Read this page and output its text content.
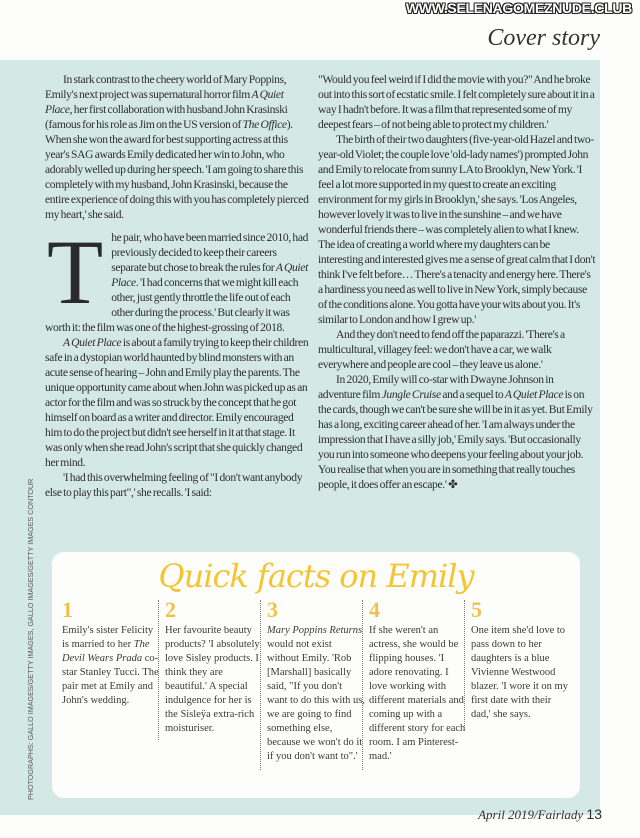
WWW.SELENAGOMEZNUDE.CLUB
Cover story

In stark contrast to the cheery world of Mary Poppins, Emily's next project was supernatural horror film A Quiet Place, her first collaboration with husband John Krasinski (famous for his role as Jim on the US version of The Office). When she won the award for best supporting actress at this year's SAG awards Emily dedicated her win to John, who adorably welled up during her speech. 'I am going to share this completely with my husband, John Krasinski, because the entire experience of doing this with you has completely pierced my heart,' she said.

The pair, who have been married since 2010, had previously decided to keep their careers separate but chose to break the rules for A Quiet Place. 'I had concerns that we might kill each other, just gently throttle the life out of each other during the process.' But clearly it was worth it: the film was one of the highest-grossing of 2018.

A Quiet Place is about a family trying to keep their children safe in a dystopian world haunted by blind monsters with an acute sense of hearing – John and Emily play the parents. The unique opportunity came about when John was picked up as an actor for the film and was so struck by the concept that he got himself on board as a writer and director. Emily encouraged him to do the project but didn't see herself in it at that stage. It was only when she read John's script that she quickly changed her mind.

'I had this overwhelming feeling of "I don't want anybody else to play this part",' she recalls. 'I said:

"Would you feel weird if I did the movie with you?" And he broke out into this sort of ecstatic smile. I felt completely sure about it in a way I hadn't before. It was a film that represented some of my deepest fears – of not being able to protect my children.'

The birth of their two daughters (five-year-old Hazel and two-year-old Violet; the couple love 'old-lady names') prompted John and Emily to relocate from sunny LA to Brooklyn, New York. 'I feel a lot more supported in my quest to create an exciting environment for my girls in Brooklyn,' she says. 'Los Angeles, however lovely it was to live in the sunshine – and we have wonderful friends there – was completely alien to what I knew. The idea of creating a world where my daughters can be interesting and interested gives me a sense of great calm that I don't think I've felt before… There's a tenacity and energy here. There's a hardiness you need as well to live in New York, simply because of the conditions alone. You gotta have your wits about you. It's similar to London and how I grew up.'

And they don't need to fend off the paparazzi. 'There's a multicultural, villagey feel: we don't have a car, we walk everywhere and people are cool – they leave us alone.'

In 2020, Emily will co-star with Dwayne Johnson in adventure film Jungle Cruise and a sequel to A Quiet Place is on the cards, though we can't be sure she will be in it as yet. But Emily has a long, exciting career ahead of her. 'I am always under the impression that I have a silly job,' Emily says. 'But occasionally you run into someone who deepens your feeling about your job. You realise that when you are in something that really touches people, it does offer an escape.' ✤

PHOTOGRAPHS: GALLO IMAGES/GETTY IMAGES, GALLO IMAGES/GETTY IMAGES CONTOUR	Quick facts on Emily
1
Emily's sister Felicity is married to her The Devil Wears Prada co-star Stanley Tucci. The pair met at Emily and John's wedding.
2
Her favourite beauty products? 'I absolutely love Sisley products. I think they are beautiful.' A special indulgence for her is the Sisleÿa extra-rich moisturiser.
3
Mary Poppins Returns would not exist without Emily. 'Rob [Marshall] basically said, "If you don't want to do this with us, we are going to find something else, because we won't do it if you don't want to".'
4
If she weren't an actress, she would be flipping houses. 'I adore renovating. I love working with different materials and coming up with a different story for each room. I am Pinterest-mad.'
5
One item she'd love to pass down to her daughters is a blue Vivienne Westwood blazer. 'I wore it on my first date with their dad,' she says.
April 2019/Fairlady 13
